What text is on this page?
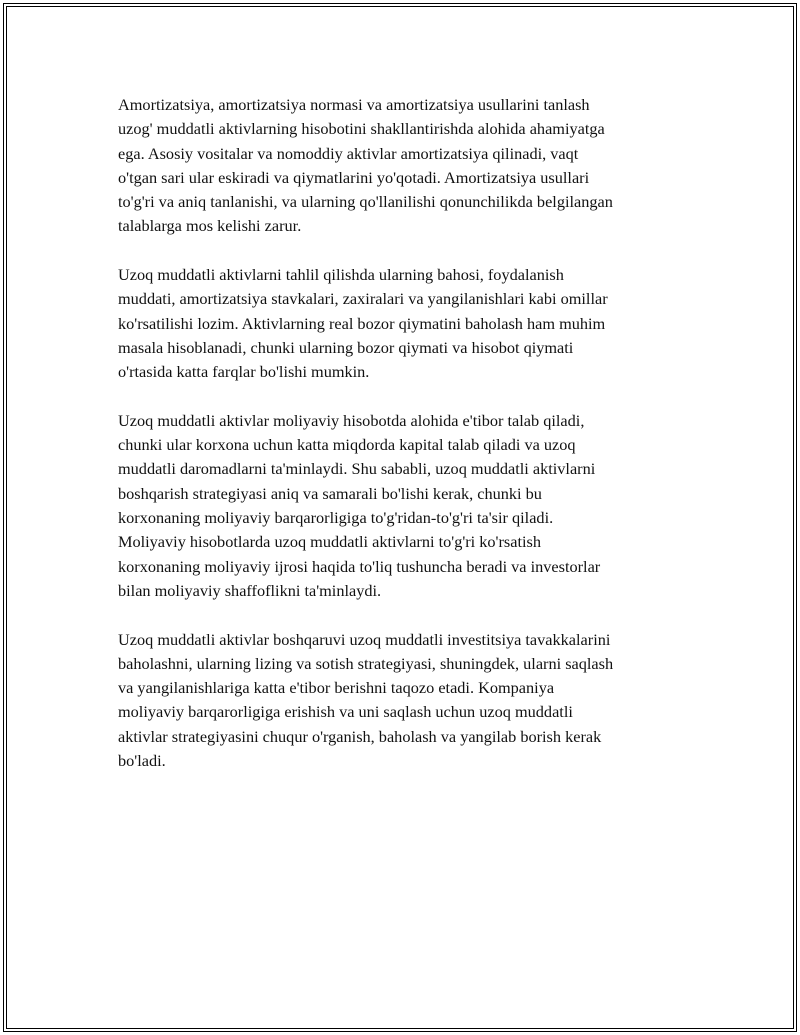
Amortizatsiya, amortizatsiya normasi va amortizatsiya usullarini tanlash
uzog' muddatli aktivlarning hisobotini shakllantirishda alohida ahamiyatga
ega. Asosiy vositalar va nomoddiy aktivlar amortizatsiya qilinadi, vaqt
o'tgan sari ular eskiradi va qiymatlarini yo'qotadi. Amortizatsiya usullari
to'g'ri va aniq tanlanishi, va ularning qo'llanilishi qonunchilikda belgilangan
talablarga mos kelishi zarur.

Uzoq muddatli aktivlarni tahlil qilishda ularning bahosi, foydalanish
muddati, amortizatsiya stavkalari, zaxiralari va yangilanishlari kabi omillar
ko'rsatilishi lozim. Aktivlarning real bozor qiymatini baholash ham muhim
masala hisoblanadi, chunki ularning bozor qiymati va hisobot qiymati
o'rtasida katta farqlar bo'lishi mumkin.

Uzoq muddatli aktivlar moliyaviy hisobotda alohida e'tibor talab qiladi,
chunki ular korxona uchun katta miqdorda kapital talab qiladi va uzoq
muddatli daromadlarni ta'minlaydi. Shu sababli, uzoq muddatli aktivlarni
boshqarish strategiyasi aniq va samarali bo'lishi kerak, chunki bu
korxonaning moliyaviy barqarorligiga to'g'ridan-to'g'ri ta'sir qiladi.
Moliyaviy hisobotlarda uzoq muddatli aktivlarni to'g'ri ko'rsatish
korxonaning moliyaviy ijrosi haqida to'liq tushuncha beradi va investorlar
bilan moliyaviy shaffoflikni ta'minlaydi.

Uzoq muddatli aktivlar boshqaruvi uzoq muddatli investitsiya tavakkalarini
baholashni, ularning lizing va sotish strategiyasi, shuningdek, ularni saqlash
va yangilanishlariga katta e'tibor berishni taqozo etadi. Kompaniya
moliyaviy barqarorligiga erishish va uni saqlash uchun uzoq muddatli
aktivlar strategiyasini chuqur o'rganish, baholash va yangilab borish kerak
bo'ladi.
